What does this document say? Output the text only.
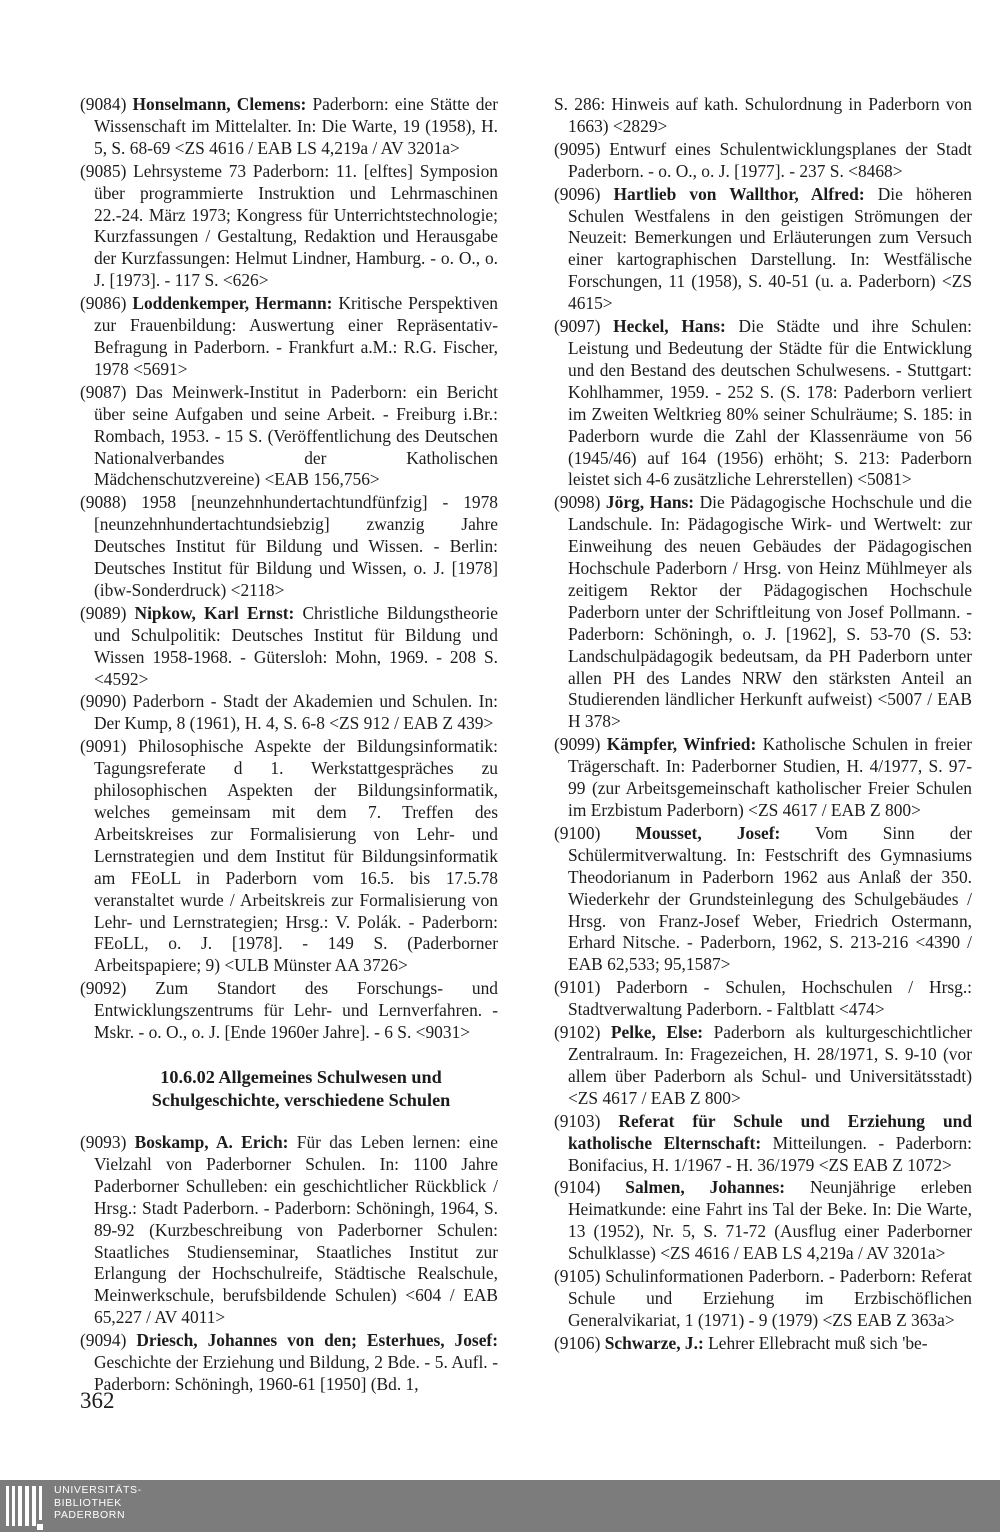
(9084) Honselmann, Clemens: Paderborn: eine Stätte der Wissenschaft im Mittelalter. In: Die Warte, 19 (1958), H. 5, S. 68-69 <ZS 4616 / EAB LS 4,219a / AV 3201a>
(9085) Lehrsysteme 73 Paderborn: 11. [elftes] Symposion über programmierte Instruktion und Lehrmaschinen 22.-24. März 1973; Kongress für Unterrichtstechnologie; Kurzfassungen / Gestaltung, Redaktion und Herausgabe der Kurzfassungen: Helmut Lindner, Hamburg. - o. O., o. J. [1973]. - 117 S. <626>
(9086) Loddenkemper, Hermann: Kritische Perspektiven zur Frauenbildung: Auswertung einer Repräsentativ-Befragung in Paderborn. - Frankfurt a.M.: R.G. Fischer, 1978 <5691>
(9087) Das Meinwerk-Institut in Paderborn: ein Bericht über seine Aufgaben und seine Arbeit. - Freiburg i.Br.: Rombach, 1953. - 15 S. (Veröffentlichung des Deutschen Nationalverbandes der Katholischen Mädchenschutzvereine) <EAB 156,756>
(9088) 1958 [neunzehnhundertachtundfünfzig] - 1978 [neunzehnhundertachtundsiebzig] zwanzig Jahre Deutsches Institut für Bildung und Wissen. - Berlin: Deutsches Institut für Bildung und Wissen, o. J. [1978] (ibw-Sonderdruck) <2118>
(9089) Nipkow, Karl Ernst: Christliche Bildungstheorie und Schulpolitik: Deutsches Institut für Bildung und Wissen 1958-1968. - Gütersloh: Mohn, 1969. - 208 S. <4592>
(9090) Paderborn - Stadt der Akademien und Schulen. In: Der Kump, 8 (1961), H. 4, S. 6-8 <ZS 912 / EAB Z 439>
(9091) Philosophische Aspekte der Bildungsinformatik: Tagungsreferate d 1. Werkstattgespräches zu philosophischen Aspekten der Bildungsinformatik, welches gemeinsam mit dem 7. Treffen des Arbeitskreises zur Formalisierung von Lehr- und Lernstrategien und dem Institut für Bildungsinformatik am FEoLL in Paderborn vom 16.5. bis 17.5.78 veranstaltet wurde / Arbeitskreis zur Formalisierung von Lehr- und Lernstrategien; Hrsg.: V. Polák. - Paderborn: FEoLL, o. J. [1978]. - 149 S. (Paderborner Arbeitspapiere; 9) <ULB Münster AA 3726>
(9092) Zum Standort des Forschungs- und Entwicklungszentrums für Lehr- und Lernverfahren. - Mskr. - o. O., o. J. [Ende 1960er Jahre]. - 6 S. <9031>
10.6.02 Allgemeines Schulwesen und
Schulgeschichte, verschiedene Schulen
(9093) Boskamp, A. Erich: Für das Leben lernen: eine Vielzahl von Paderborner Schulen. In: 1100 Jahre Paderborner Schulleben: ein geschichtlicher Rückblick / Hrsg.: Stadt Paderborn. - Paderborn: Schöningh, 1964, S. 89-92 (Kurzbeschreibung von Paderborner Schulen: Staatliches Studienseminar, Staatliches Institut zur Erlangung der Hochschulreife, Städtische Realschule, Meinwerkschule, berufsbildende Schulen) <604 / EAB 65,227 / AV 4011>
(9094) Driesch, Johannes von den; Esterhues, Josef: Geschichte der Erziehung und Bildung, 2 Bde. - 5. Aufl. - Paderborn: Schöningh, 1960-61 [1950] (Bd. 1,
S. 286: Hinweis auf kath. Schulordnung in Paderborn von 1663) <2829>
(9095) Entwurf eines Schulentwicklungsplanes der Stadt Paderborn. - o. O., o. J. [1977]. - 237 S. <8468>
(9096) Hartlieb von Wallthor, Alfred: Die höheren Schulen Westfalens in den geistigen Strömungen der Neuzeit: Bemerkungen und Erläuterungen zum Versuch einer kartographischen Darstellung. In: Westfälische Forschungen, 11 (1958), S. 40-51 (u. a. Paderborn) <ZS 4615>
(9097) Heckel, Hans: Die Städte und ihre Schulen: Leistung und Bedeutung der Städte für die Entwicklung und den Bestand des deutschen Schulwesens. - Stuttgart: Kohlhammer, 1959. - 252 S. (S. 178: Paderborn verliert im Zweiten Weltkrieg 80% seiner Schulräume; S. 185: in Paderborn wurde die Zahl der Klassenräume von 56 (1945/46) auf 164 (1956) erhöht; S. 213: Paderborn leistet sich 4-6 zusätzliche Lehrerstellen) <5081>
(9098) Jörg, Hans: Die Pädagogische Hochschule und die Landschule. In: Pädagogische Wirk- und Wertwelt: zur Einweihung des neuen Gebäudes der Pädagogischen Hochschule Paderborn / Hrsg. von Heinz Mühlmeyer als zeitigem Rektor der Pädagogischen Hochschule Paderborn unter der Schriftleitung von Josef Pollmann. - Paderborn: Schöningh, o. J. [1962], S. 53-70 (S. 53: Landschulpädagogik bedeutsam, da PH Paderborn unter allen PH des Landes NRW den stärksten Anteil an Studierenden ländlicher Herkunft aufweist) <5007 / EAB H 378>
(9099) Kämpfer, Winfried: Katholische Schulen in freier Trägerschaft. In: Paderborner Studien, H. 4/1977, S. 97-99 (zur Arbeitsgemeinschaft katholischer Freier Schulen im Erzbistum Paderborn) <ZS 4617 / EAB Z 800>
(9100) Mousset, Josef: Vom Sinn der Schülermitverwaltung. In: Festschrift des Gymnasiums Theodorianum in Paderborn 1962 aus Anlaß der 350. Wiederkehr der Grundsteinlegung des Schulgebäudes / Hrsg. von Franz-Josef Weber, Friedrich Ostermann, Erhard Nitsche. - Paderborn, 1962, S. 213-216 <4390 / EAB 62,533; 95,1587>
(9101) Paderborn - Schulen, Hochschulen / Hrsg.: Stadtverwaltung Paderborn. - Faltblatt <474>
(9102) Pelke, Else: Paderborn als kulturgeschichtlicher Zentralraum. In: Fragezeichen, H. 28/1971, S. 9-10 (vor allem über Paderborn als Schul- und Universitätsstadt) <ZS 4617 / EAB Z 800>
(9103) Referat für Schule und Erziehung und katholische Elternschaft: Mitteilungen. - Paderborn: Bonifacius, H. 1/1967 - H. 36/1979 <ZS EAB Z 1072>
(9104) Salmen, Johannes: Neunjährige erleben Heimatkunde: eine Fahrt ins Tal der Beke. In: Die Warte, 13 (1952), Nr. 5, S. 71-72 (Ausflug einer Paderborner Schulklasse) <ZS 4616 / EAB LS 4,219a / AV 3201a>
(9105) Schulinformationen Paderborn. - Paderborn: Referat Schule und Erziehung im Erzbischöflichen Generalvikariat, 1 (1971) - 9 (1979) <ZS EAB Z 363a>
(9106) Schwarze, J.: Lehrer Ellebracht muß sich 'be-
362
UNIVERSITÄTS-
BIBLIOTHEK
PADERBORN
